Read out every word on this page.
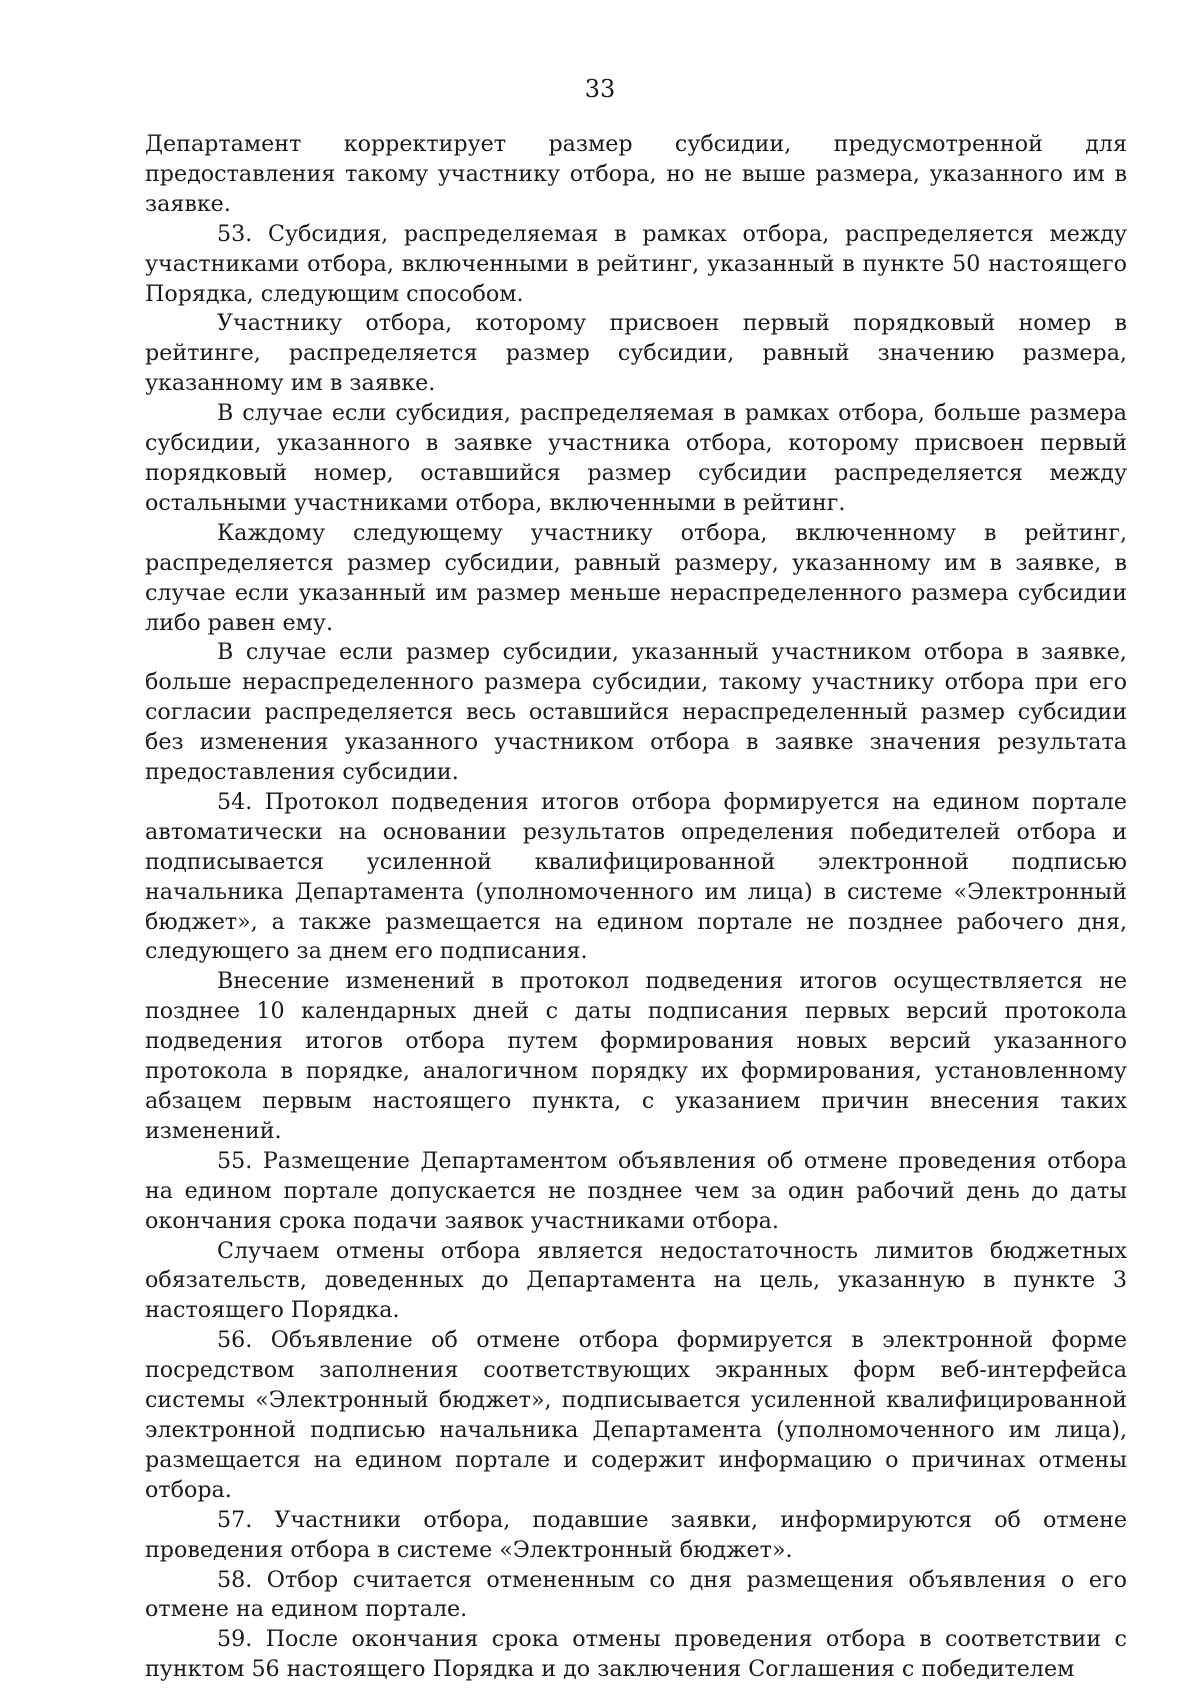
33

Департамент корректирует размер субсидии, предусмотренной для предоставления такому участнику отбора, но не выше размера, указанного им в заявке.

53. Субсидия, распределяемая в рамках отбора, распределяется между участниками отбора, включенными в рейтинг, указанный в пункте 50 настоящего Порядка, следующим способом.

Участнику отбора, которому присвоен первый порядковый номер в рейтинге, распределяется размер субсидии, равный значению размера, указанному им в заявке.

В случае если субсидия, распределяемая в рамках отбора, больше размера субсидии, указанного в заявке участника отбора, которому присвоен первый порядковый номер, оставшийся размер субсидии распределяется между остальными участниками отбора, включенными в рейтинг.

Каждому следующему участнику отбора, включенному в рейтинг, распределяется размер субсидии, равный размеру, указанному им в заявке, в случае если указанный им размер меньше нераспределенного размера субсидии либо равен ему.

В случае если размер субсидии, указанный участником отбора в заявке, больше нераспределенного размера субсидии, такому участнику отбора при его согласии распределяется весь оставшийся нераспределенный размер субсидии без изменения указанного участником отбора в заявке значения результата предоставления субсидии.

54. Протокол подведения итогов отбора формируется на едином портале автоматически на основании результатов определения победителей отбора и подписывается усиленной квалифицированной электронной подписью начальника Департамента (уполномоченного им лица) в системе «Электронный бюджет», а также размещается на едином портале не позднее рабочего дня, следующего за днем его подписания.

Внесение изменений в протокол подведения итогов осуществляется не позднее 10 календарных дней с даты подписания первых версий протокола подведения итогов отбора путем формирования новых версий указанного протокола в порядке, аналогичном порядку их формирования, установленному абзацем первым настоящего пункта, с указанием причин внесения таких изменений.

55. Размещение Департаментом объявления об отмене проведения отбора на едином портале допускается не позднее чем за один рабочий день до даты окончания срока подачи заявок участниками отбора.

Случаем отмены отбора является недостаточность лимитов бюджетных обязательств, доведенных до Департамента на цель, указанную в пункте 3 настоящего Порядка.

56. Объявление об отмене отбора формируется в электронной форме посредством заполнения соответствующих экранных форм веб-интерфейса системы «Электронный бюджет», подписывается усиленной квалифицированной электронной подписью начальника Департамента (уполномоченного им лица), размещается на едином портале и содержит информацию о причинах отмены отбора.

57. Участники отбора, подавшие заявки, информируются об отмене проведения отбора в системе «Электронный бюджет».

58. Отбор считается отмененным со дня размещения объявления о его отмене на едином портале.

59. После окончания срока отмены проведения отбора в соответствии с пунктом 56 настоящего Порядка и до заключения Соглашения с победителем
